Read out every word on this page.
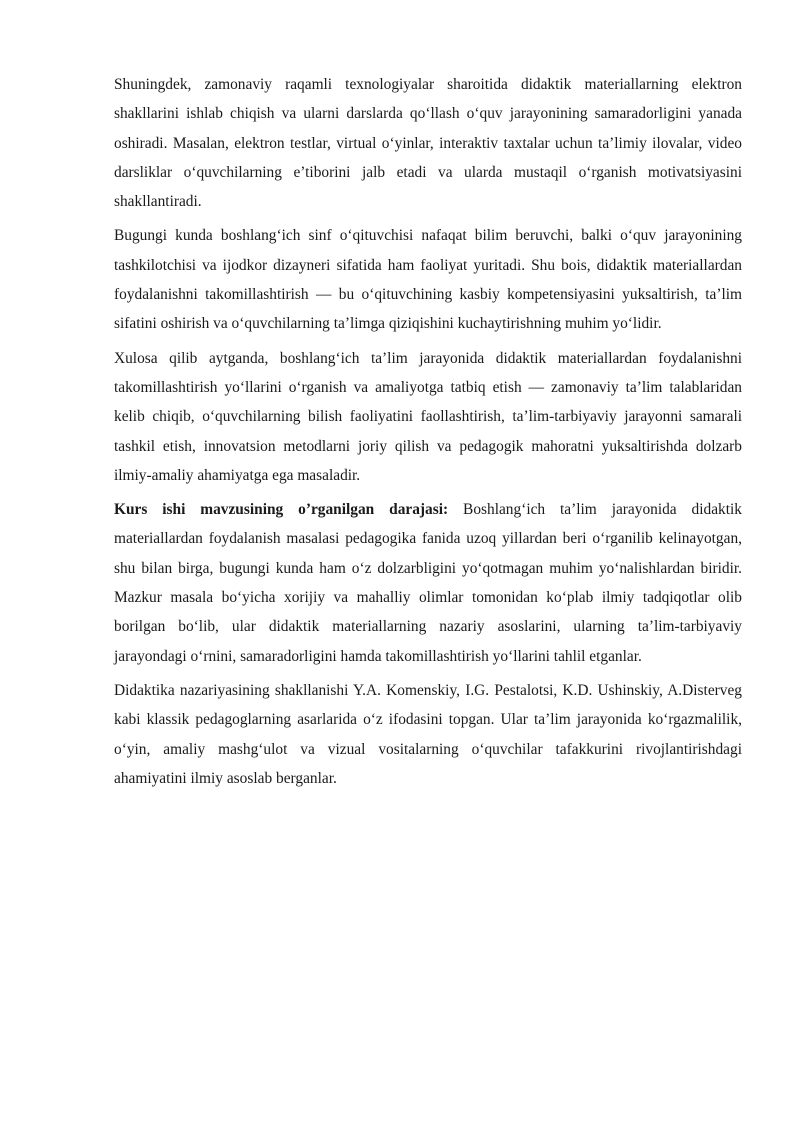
Shuningdek, zamonaviy raqamli texnologiyalar sharoitida didaktik materiallarning elektron shakllarini ishlab chiqish va ularni darslarda qo‘llash o‘quv jarayonining samaradorligini yanada oshiradi. Masalan, elektron testlar, virtual o‘yinlar, interaktiv taxtalar uchun ta’limiy ilovalar, video darsliklar o‘quvchilarning e’tiborini jalb etadi va ularda mustaqil o‘rganish motivatsiyasini shakllantiradi.

Bugungi kunda boshlang‘ich sinf o‘qituvchisi nafaqat bilim beruvchi, balki o‘quv jarayonining tashkilotchisi va ijodkor dizayneri sifatida ham faoliyat yuritadi. Shu bois, didaktik materiallardan foydalanishni takomillashtirish — bu o‘qituvchining kasbiy kompetensiyasini yuksaltirish, ta’lim sifatini oshirish va o‘quvchilarning ta’limga qiziqishini kuchaytirishning muhim yo‘lidir.

Xulosa qilib aytganda, boshlang‘ich ta’lim jarayonida didaktik materiallardan foydalanishni takomillashtirish yo‘llarini o‘rganish va amaliyotga tatbiq etish — zamonaviy ta’lim talablaridan kelib chiqib, o‘quvchilarning bilish faoliyatini faollashtirish, ta’lim-tarbiyaviy jarayonni samarali tashkil etish, innovatsion metodlarni joriy qilish va pedagogik mahoratni yuksaltirishda dolzarb ilmiy-amaliy ahamiyatga ega masaladir.

Kurs ishi mavzusining o’rganilgan darajasi: Boshlang‘ich ta’lim jarayonida didaktik materiallardan foydalanish masalasi pedagogika fanida uzoq yillardan beri o‘rganilib kelinayotgan, shu bilan birga, bugungi kunda ham o‘z dolzarbligini yo‘qotmagan muhim yo‘nalishlardan biridir. Mazkur masala bo‘yicha xorijiy va mahalliy olimlar tomonidan ko‘plab ilmiy tadqiqotlar olib borilgan bo‘lib, ular didaktik materiallarning nazariy asoslarini, ularning ta’lim-tarbiyaviy jarayondagi o‘rnini, samaradorligini hamda takomillashtirish yo‘llarini tahlil etganlar.

Didaktika nazariyasining shakllanishi Y.A. Komenskiy, I.G. Pestalotsi, K.D. Ushinskiy, A.Disterveg kabi klassik pedagoglarning asarlarida o‘z ifodasini topgan. Ular ta’lim jarayonida ko‘rgazmalilik, o‘yin, amaliy mashg‘ulot va vizual vositalarning o‘quvchilar tafakkurini rivojlantirishdagi ahamiyatini ilmiy asoslab berganlar.
